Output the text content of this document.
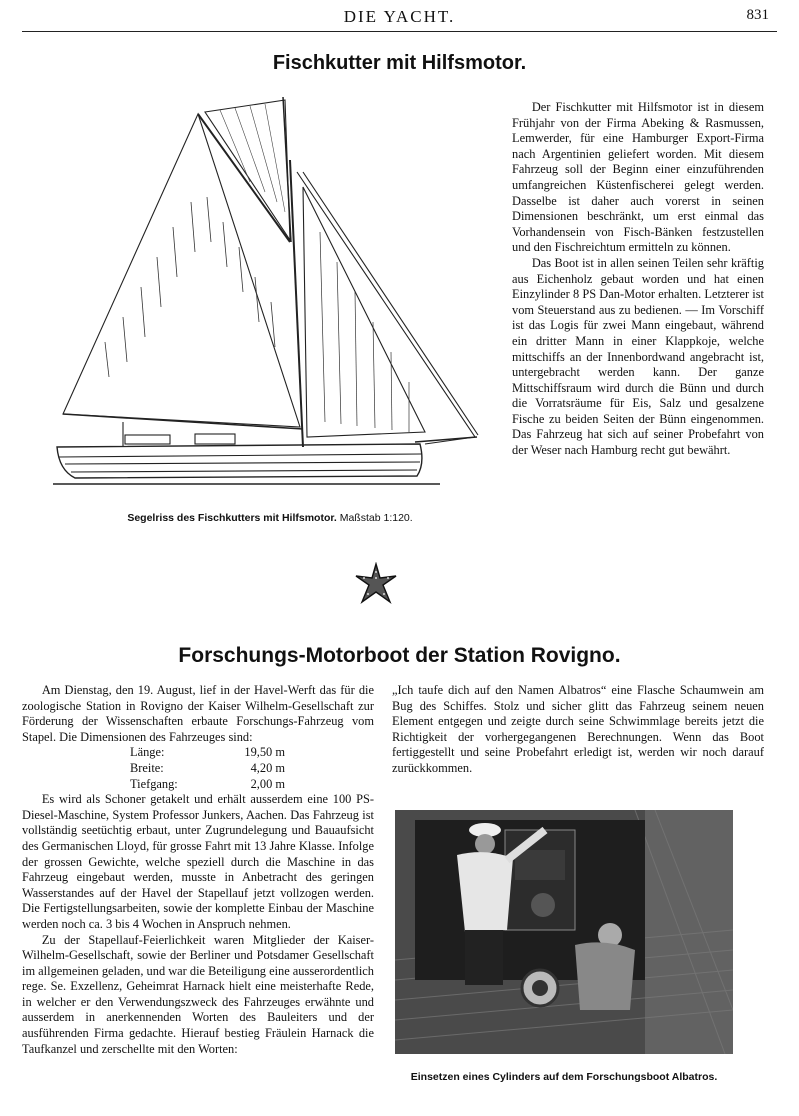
DIE YACHT.	831
Fischkutter mit Hilfsmotor.
Segelriss des Fischkutters mit Hilfsmotor. Maßstab 1:120.

Der Fischkutter mit Hilfsmotor ist in diesem Frühjahr von der Firma Abeking & Rasmussen, Lemwerder, für eine Hamburger Export-Firma nach Argentinien geliefert worden. Mit diesem Fahrzeug soll der Beginn einer einzuführenden umfangreichen Küstenfischerei gelegt werden. Dasselbe ist daher auch vorerst in seinen Dimensionen beschränkt, um erst einmal das Vorhandensein von Fisch-Bänken festzustellen und den Fischreichtum ermitteln zu können.

Das Boot ist in allen seinen Teilen sehr kräftig aus Eichenholz gebaut worden und hat einen Einzylinder 8 PS Dan-Motor erhalten. Letzterer ist vom Steuerstand aus zu bedienen. — Im Vorschiff ist das Logis für zwei Mann eingebaut, während ein dritter Mann in einer Klappkoje, welche mittschiffs an der Innenbordwand angebracht ist, untergebracht werden kann. Der ganze Mittschiffsraum wird durch die Bünn und durch die Vorratsräume für Eis, Salz und gesalzene Fische zu beiden Seiten der Bünn eingenommen. Das Fahrzeug hat sich auf seiner Probefahrt von der Weser nach Hamburg recht gut bewährt.

Forschungs-Motorboot der Station Rovigno.

Am Dienstag, den 19. August, lief in der Havel-Werft das für die zoologische Station in Rovigno der Kaiser Wilhelm-Gesellschaft zur Förderung der Wissenschaften erbaute Forschungs-Fahrzeug vom Stapel. Die Dimensionen des Fahrzeuges sind:

Länge:	19,50 m
Breite:	4,20 m
Tiefgang:	2,00 m

Es wird als Schoner getakelt und erhält ausserdem eine 100 PS-Diesel-Maschine, System Professor Junkers, Aachen. Das Fahrzeug ist vollständig seetüchtig erbaut, unter Zugrundelegung und Bauaufsicht des Germanischen Lloyd, für grosse Fahrt mit 13 Jahre Klasse. Infolge der grossen Gewichte, welche speziell durch die Maschine in das Fahrzeug eingebaut werden, musste in Anbetracht des geringen Wasserstandes auf der Havel der Stapellauf jetzt vollzogen werden. Die Fertigstellungsarbeiten, sowie der komplette Einbau der Maschine werden noch ca. 3 bis 4 Wochen in Anspruch nehmen.

Zu der Stapellauf-Feierlichkeit waren Mitglieder der Kaiser-Wilhelm-Gesellschaft, sowie der Berliner und Potsdamer Gesellschaft im allgemeinen geladen, und war die Beteiligung eine ausserordentlich rege. Se. Exzellenz, Geheimrat Harnack hielt eine meisterhafte Rede, in welcher er den Verwendungszweck des Fahrzeuges erwähnte und ausserdem in anerkennenden Worten des Bauleiters und der ausführenden Firma gedachte. Hierauf bestieg Fräulein Harnack die Taufkanzel und zerschellte mit den Worten:

„Ich taufe dich auf den Namen Albatros“ eine Flasche Schaumwein am Bug des Schiffes. Stolz und sicher glitt das Fahrzeug seinem neuen Element entgegen und zeigte durch seine Schwimmlage bereits jetzt die Richtigkeit der vorhergegangenen Berechnungen. Wenn das Boot fertiggestellt und seine Probefahrt erledigt ist, werden wir noch darauf zurückkommen.

Einsetzen eines Cylinders auf dem Forschungsboot Albatros.
